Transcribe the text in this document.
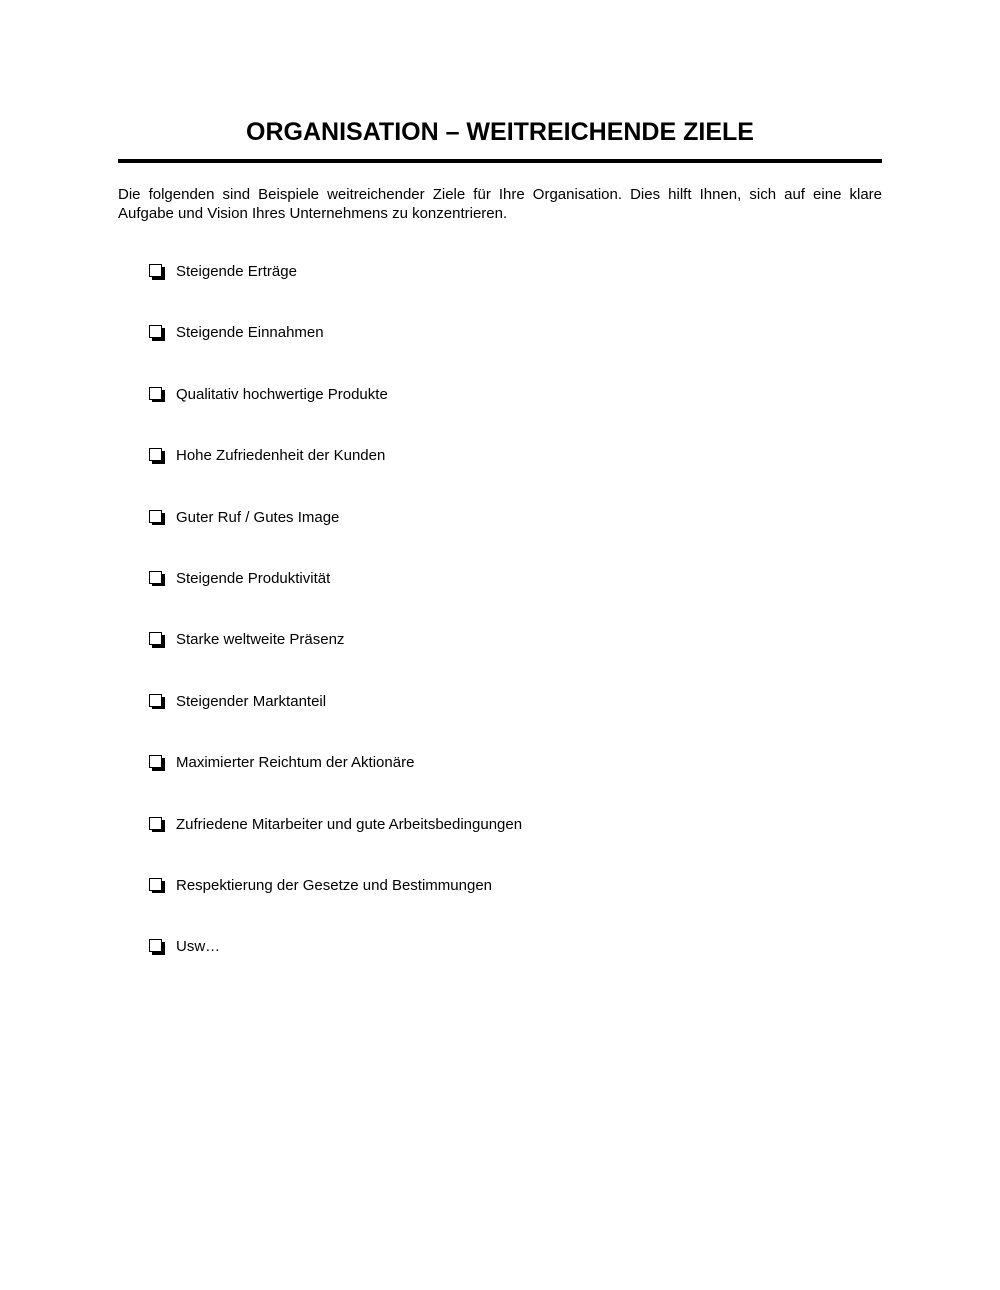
ORGANISATION – WEITREICHENDE ZIELE

Die folgenden sind Beispiele weitreichender Ziele für Ihre Organisation. Dies hilft Ihnen, sich auf eine klare Aufgabe und Vision Ihres Unternehmens zu konzentrieren.

Steigende Erträge
Steigende Einnahmen
Qualitativ hochwertige Produkte
Hohe Zufriedenheit der Kunden
Guter Ruf / Gutes Image
Steigende Produktivität
Starke weltweite Präsenz
Steigender Marktanteil
Maximierter Reichtum der Aktionäre
Zufriedene Mitarbeiter und gute Arbeitsbedingungen
Respektierung der Gesetze und Bestimmungen
Usw…
